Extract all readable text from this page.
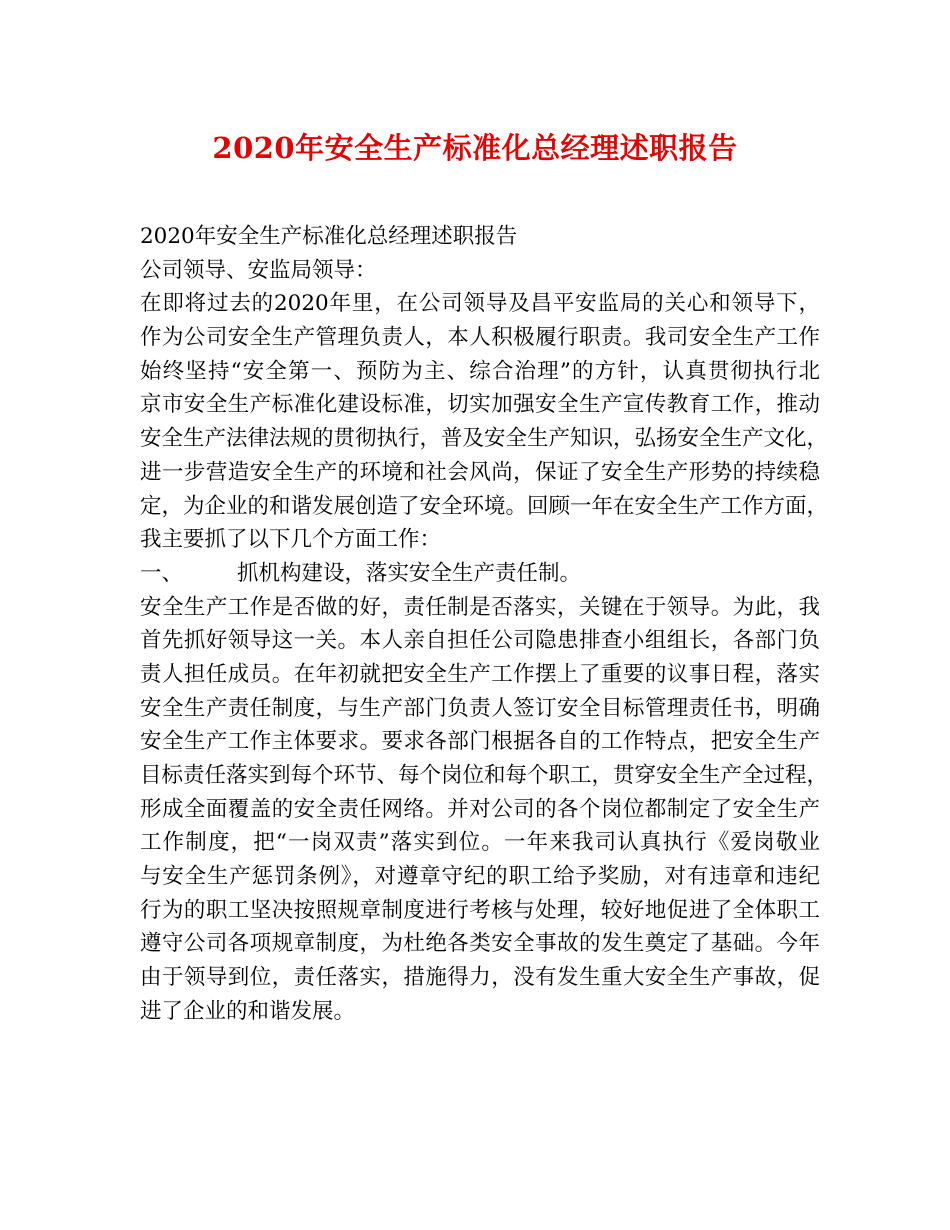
2020年安全生产标准化总经理述职报告
2020年安全生产标准化总经理述职报告
公司领导、安监局领导：
在即将过去的2020年里，在公司领导及昌平安监局的关心和领导下，
作为公司安全生产管理负责人，本人积极履行职责。我司安全生产工作
始终坚持“安全第一、预防为主、综合治理”的方针，认真贯彻执行北
京市安全生产标准化建设标准，切实加强安全生产宣传教育工作，推动
安全生产法律法规的贯彻执行，普及安全生产知识，弘扬安全生产文化，
进一步营造安全生产的环境和社会风尚，保证了安全生产形势的持续稳
定，为企业的和谐发展创造了安全环境。回顾一年在安全生产工作方面，
我主要抓了以下几个方面工作：
一、	抓机构建设，落实安全生产责任制。
安全生产工作是否做的好，责任制是否落实，关键在于领导。为此，我
首先抓好领导这一关。本人亲自担任公司隐患排查小组组长，各部门负
责人担任成员。在年初就把安全生产工作摆上了重要的议事日程，落实
安全生产责任制度，与生产部门负责人签订安全目标管理责任书，明确
安全生产工作主体要求。要求各部门根据各自的工作特点，把安全生产
目标责任落实到每个环节、每个岗位和每个职工，贯穿安全生产全过程，
形成全面覆盖的安全责任网络。并对公司的各个岗位都制定了安全生产
工作制度，把“一岗双责”落实到位。一年来我司认真执行《爱岗敬业
与安全生产惩罚条例》，对遵章守纪的职工给予奖励，对有违章和违纪
行为的职工坚决按照规章制度进行考核与处理，较好地促进了全体职工
遵守公司各项规章制度，为杜绝各类安全事故的发生奠定了基础。今年
由于领导到位，责任落实，措施得力，没有发生重大安全生产事故，促
进了企业的和谐发展。
